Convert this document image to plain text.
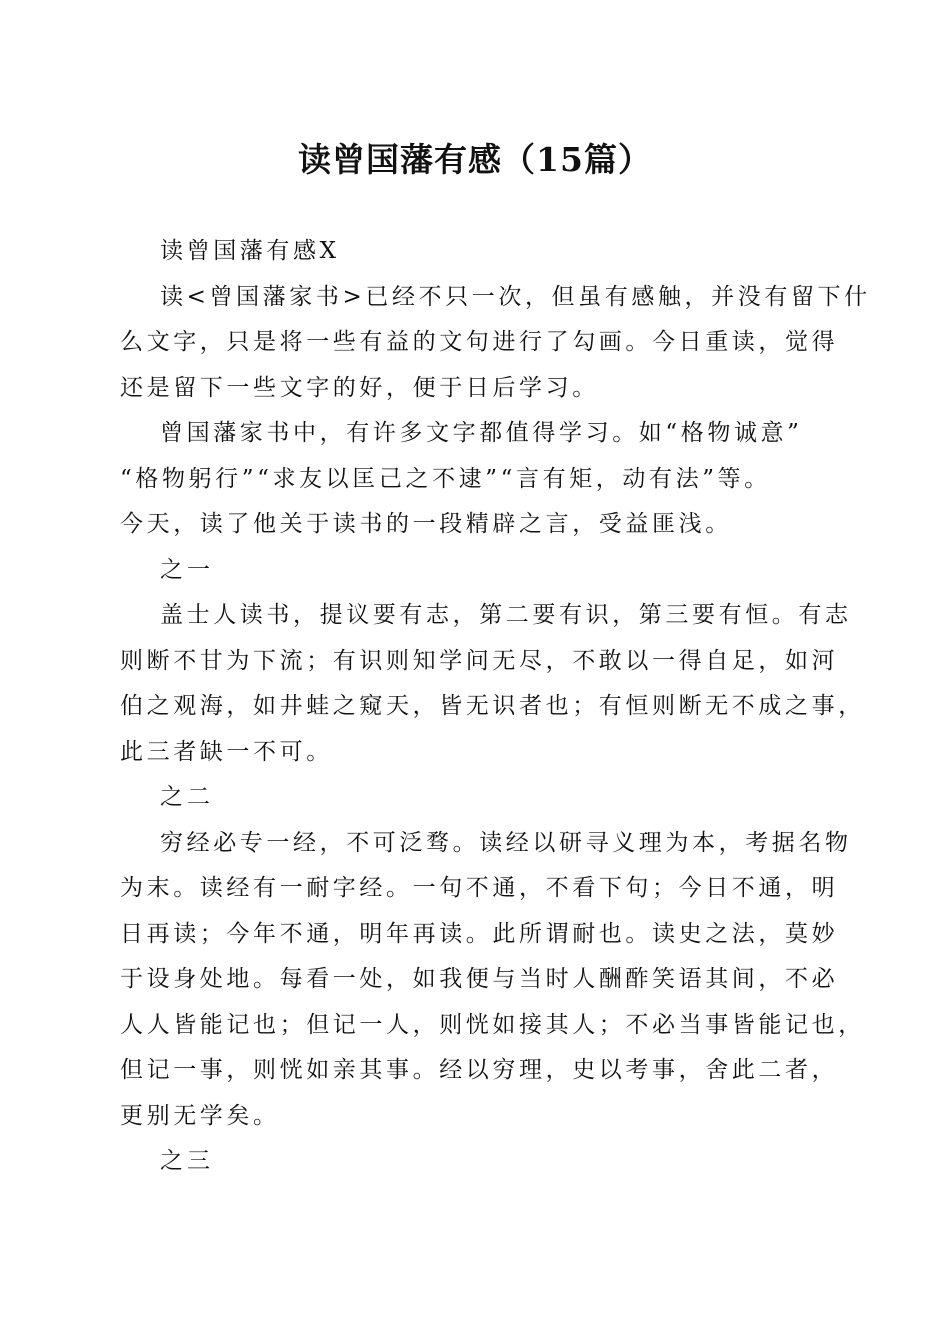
读曾国藩有感（15篇）
读曾国藩有感X
读<曾国藩家书>已经不只一次，但虽有感触，并没有留下什
么文字，只是将一些有益的文句进行了勾画。今日重读，觉得
还是留下一些文字的好，便于日后学习。
曾国藩家书中，有许多文字都值得学习。如“格物诚意”
“格物躬行”“求友以匡己之不逮”“言有矩，动有法”等。
今天，读了他关于读书的一段精辟之言，受益匪浅。
之一
盖士人读书，提议要有志，第二要有识，第三要有恒。有志
则断不甘为下流；有识则知学问无尽，不敢以一得自足，如河
伯之观海，如井蛙之窥天，皆无识者也；有恒则断无不成之事，
此三者缺一不可。
之二
穷经必专一经，不可泛骛。读经以研寻义理为本，考据名物
为末。读经有一耐字经。一句不通，不看下句；今日不通，明
日再读；今年不通，明年再读。此所谓耐也。读史之法，莫妙
于设身处地。每看一处，如我便与当时人酬酢笑语其间，不必
人人皆能记也；但记一人，则恍如接其人；不必当事皆能记也，
但记一事，则恍如亲其事。经以穷理，史以考事，舍此二者，
更别无学矣。
之三
